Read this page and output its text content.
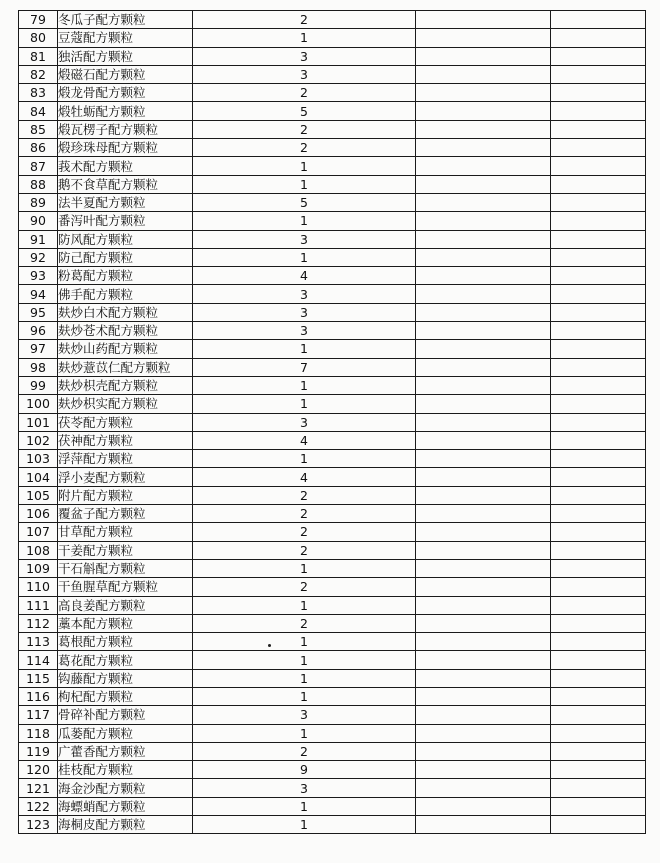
79	冬瓜子配方颗粒	2		
80	豆蔻配方颗粒	1		
81	独活配方颗粒	3		
82	煅磁石配方颗粒	3		
83	煅龙骨配方颗粒	2		
84	煅牡蛎配方颗粒	5		
85	煅瓦楞子配方颗粒	2		
86	煅珍珠母配方颗粒	2		
87	莪术配方颗粒	1		
88	鹅不食草配方颗粒	1		
89	法半夏配方颗粒	5		
90	番泻叶配方颗粒	1		
91	防风配方颗粒	3		
92	防己配方颗粒	1		
93	粉葛配方颗粒	4		
94	佛手配方颗粒	3		
95	麸炒白术配方颗粒	3		
96	麸炒苍术配方颗粒	3		
97	麸炒山药配方颗粒	1		
98	麸炒薏苡仁配方颗粒	7		
99	麸炒枳壳配方颗粒	1		
100	麸炒枳实配方颗粒	1		
101	茯苓配方颗粒	3		
102	茯神配方颗粒	4		
103	浮萍配方颗粒	1		
104	浮小麦配方颗粒	4		
105	附片配方颗粒	2		
106	覆盆子配方颗粒	2		
107	甘草配方颗粒	2		
108	干姜配方颗粒	2		
109	干石斛配方颗粒	1		
110	干鱼腥草配方颗粒	2		
111	高良姜配方颗粒	1		
112	藁本配方颗粒	2		
113	葛根配方颗粒	1		
114	葛花配方颗粒	1		
115	钩藤配方颗粒	1		
116	枸杞配方颗粒	1		
117	骨碎补配方颗粒	3		
118	瓜蒌配方颗粒	1		
119	广藿香配方颗粒	2		
120	桂枝配方颗粒	9		
121	海金沙配方颗粒	3		
122	海螵蛸配方颗粒	1		
123	海桐皮配方颗粒	1		
